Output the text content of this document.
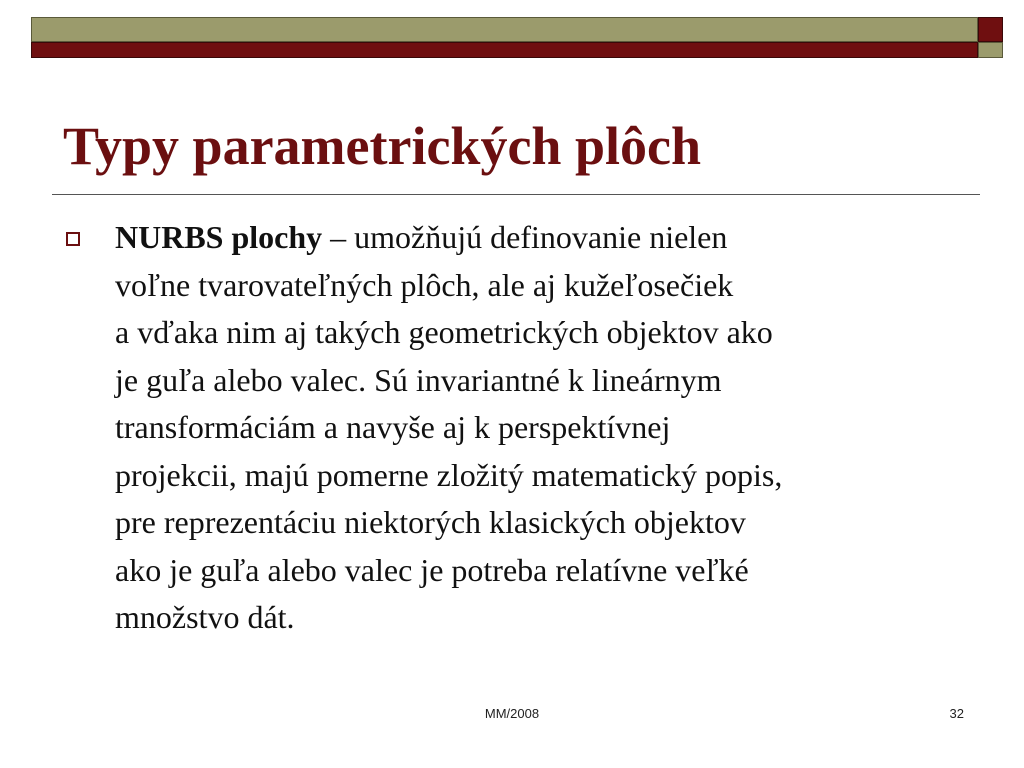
Typy parametrických plôch

NURBS plochy – umožňujú definovanie nielen
voľne tvarovateľných plôch, ale aj kužeľosečiek
a vďaka nim aj takých geometrických objektov ako
je guľa alebo valec. Sú invariantné k lineárnym
transformáciám a navyše aj k perspektívnej
projekcii, majú pomerne zložitý matematický popis,
pre reprezentáciu niektorých klasických objektov
ako je guľa alebo valec je potreba relatívne veľké
množstvo dát.

MM/2008	32
